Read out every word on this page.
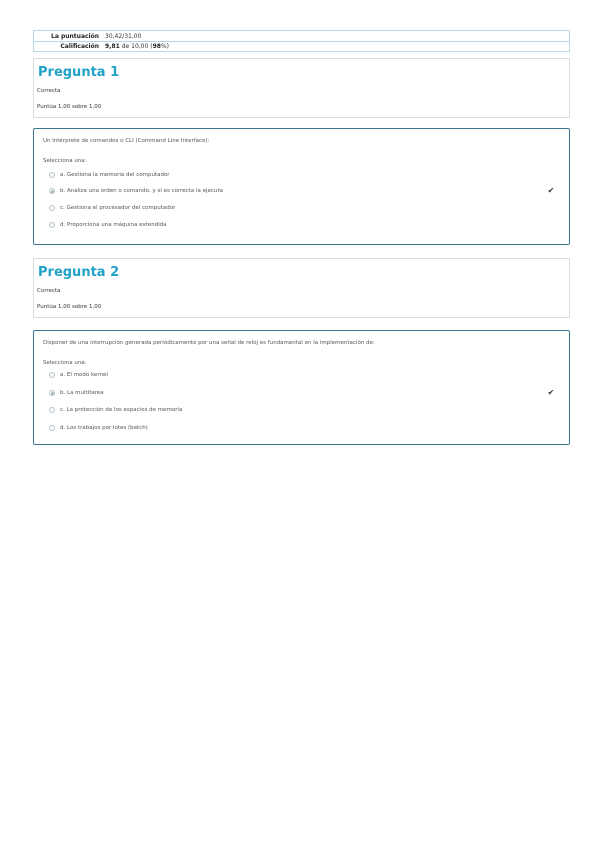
La puntuación	30,42/31,00
Calificación	9,81 de 10,00 (98%)
Pregunta 1
Correcta
Puntúa 1,00 sobre 1,00
Un intérprete de comandos o CLI (Command Line Interface):
Selecciona una:
a. Gestiona la memoria del computador
b. Analiza una orden o comando, y si es correcta la ejecuta	✔
c. Gestiona el procesador del computador
d. Proporciona una máquina extendida
Pregunta 2
Correcta
Puntúa 1,00 sobre 1,00
Disponer de una interrupción generada periódicamente por una señal de reloj es fundamental en la implementación de:
Selecciona una:
a. El modo kernel
b. La multitarea	✔
c. La protección de los espacios de memoria
d. Los trabajos por lotes (batch)
